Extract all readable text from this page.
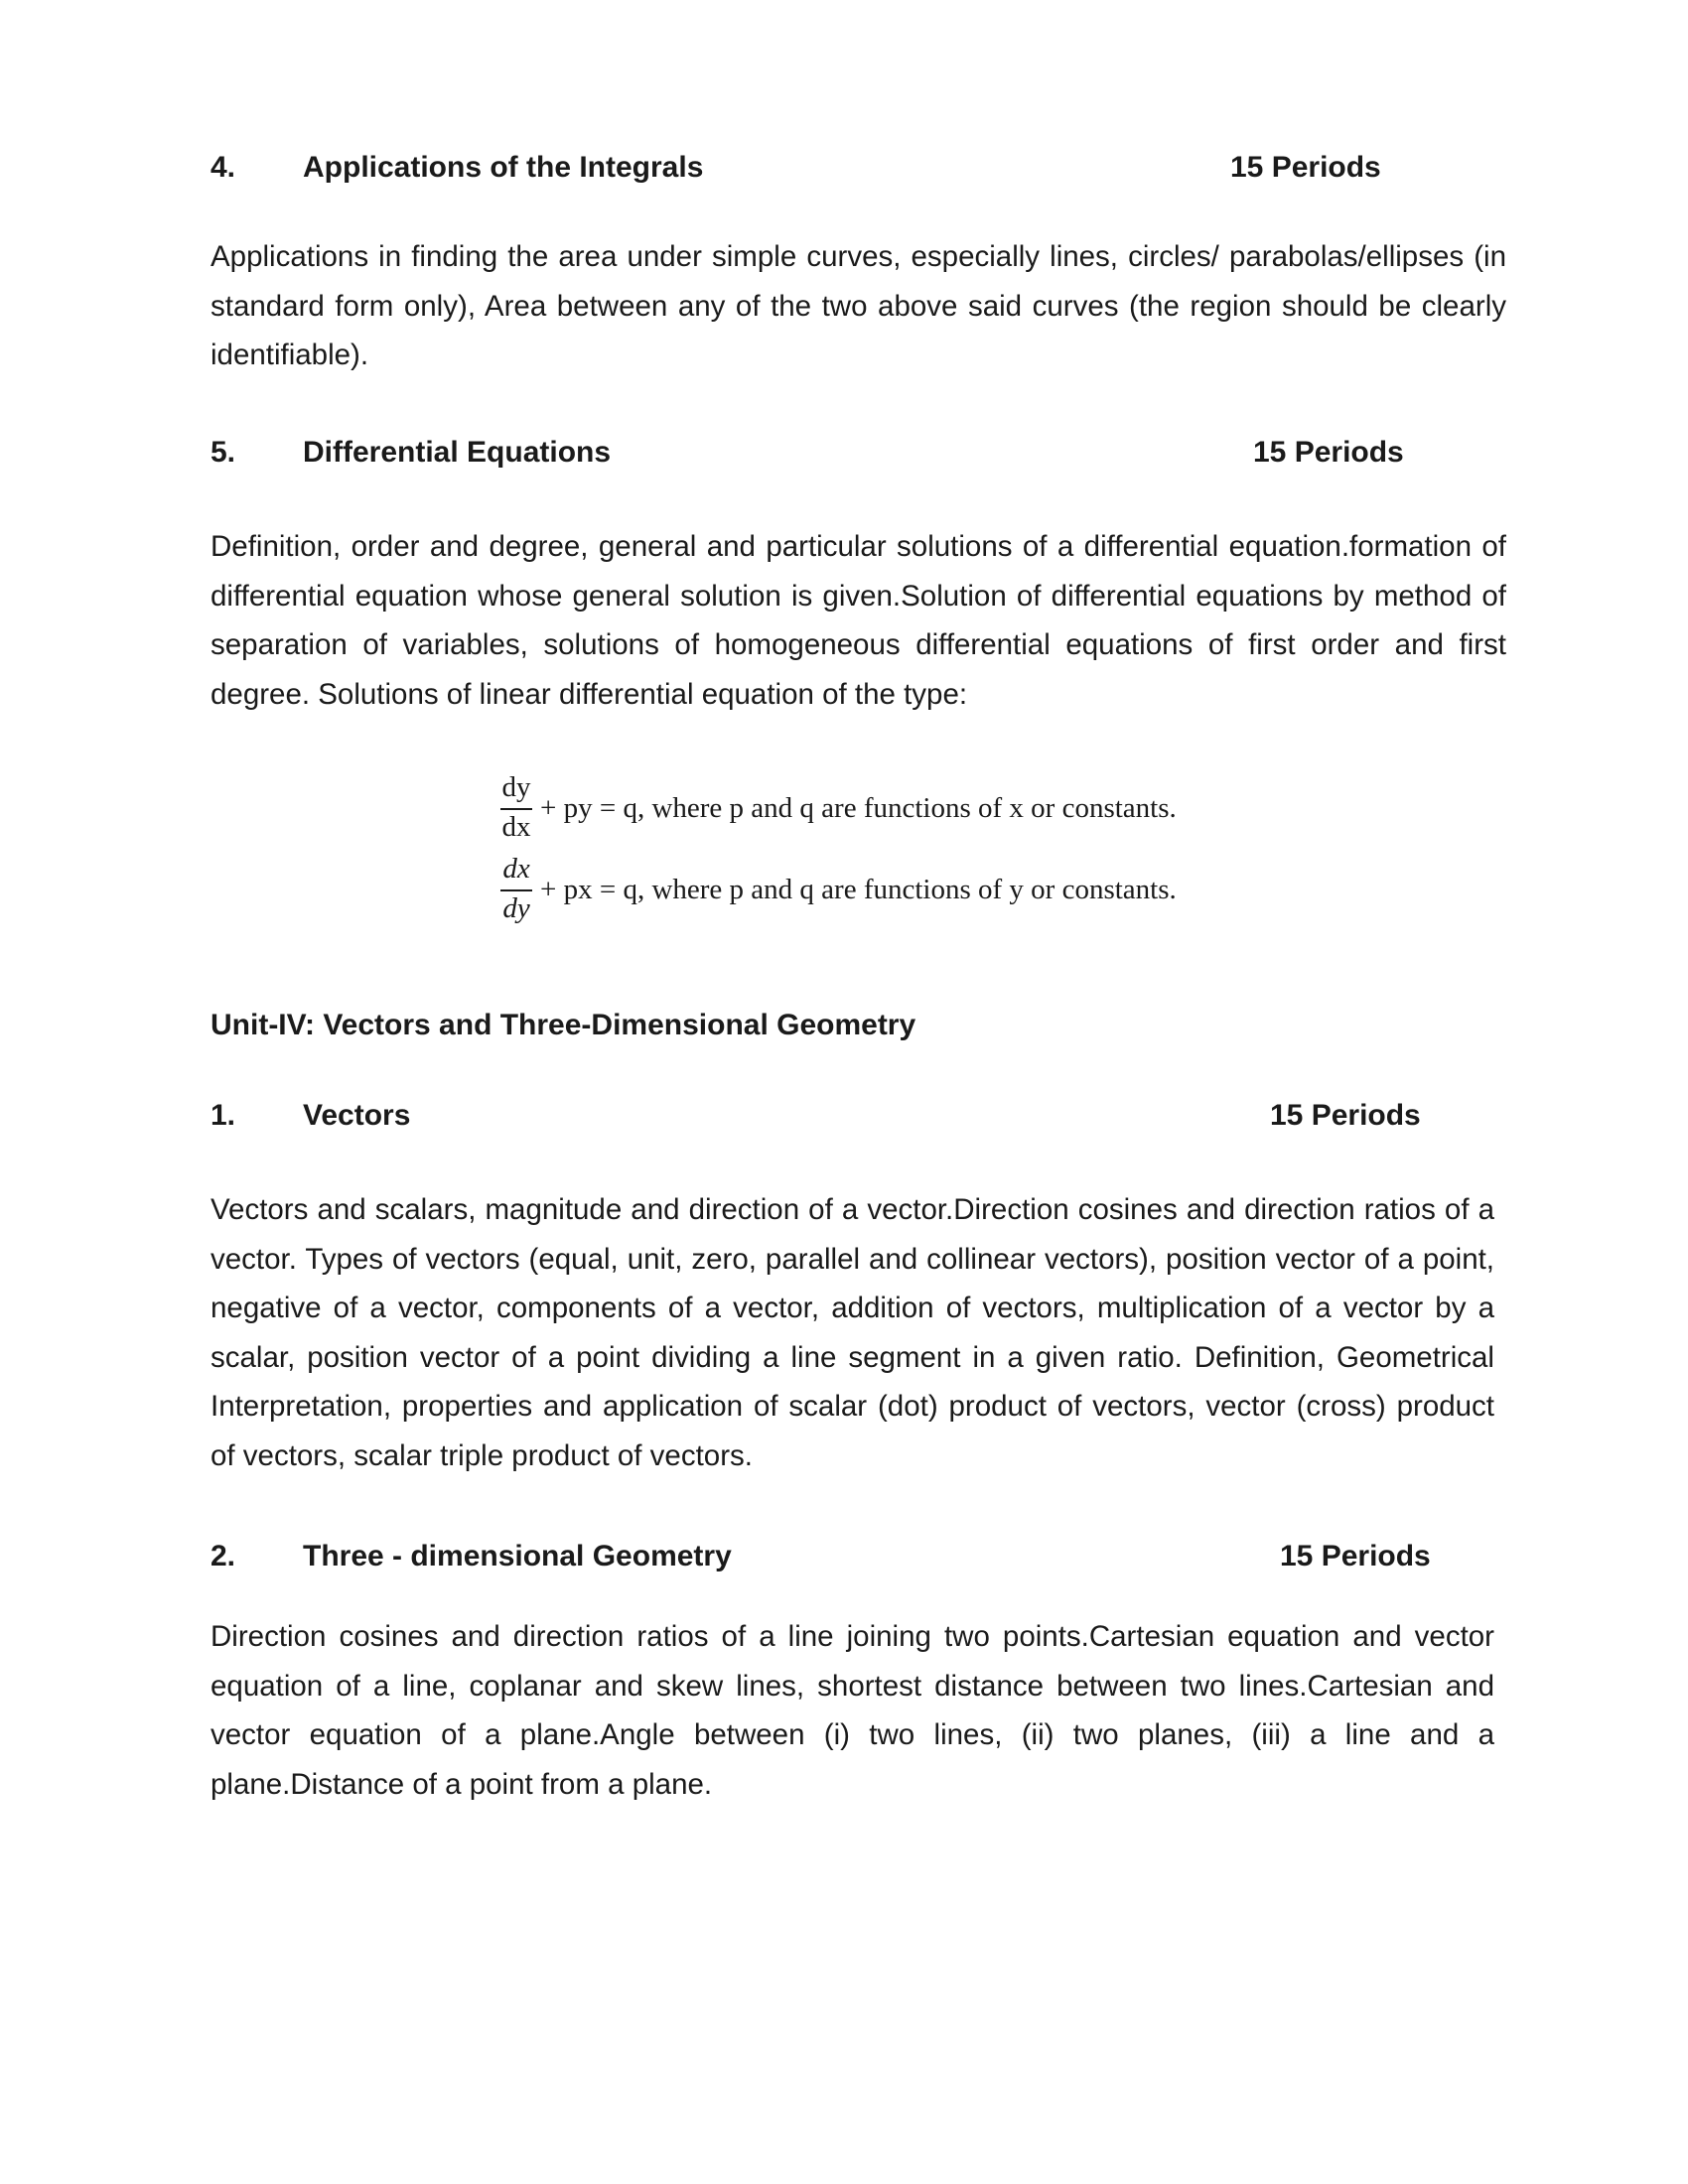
4. Applications of the Integrals	15 Periods

Applications in finding the area under simple curves, especially lines, circles/ parabolas/ellipses (in standard form only), Area between any of the two above said curves (the region should be clearly identifiable).

5. Differential Equations	15 Periods

Definition, order and degree, general and particular solutions of a differential equation.formation of differential equation whose general solution is given.Solution of differential equations by method of separation of variables, solutions of homogeneous differential equations of first order and first degree. Solutions of linear differential equation of the type:

dy
dx
+ py = q, where p and q are functions of x or constants.
dx
dy
+ px = q, where p and q are functions of y or constants.
Unit-IV: Vectors and Three-Dimensional Geometry
1. Vectors	15 Periods

Vectors and scalars, magnitude and direction of a vector.Direction cosines and direction ratios of a vector. Types of vectors (equal, unit, zero, parallel and collinear vectors), position vector of a point, negative of a vector, components of a vector, addition of vectors, multiplication of a vector by a scalar, position vector of a point dividing a line segment in a given ratio. Definition, Geometrical Interpretation, properties and application of scalar (dot) product of vectors, vector (cross) product of vectors, scalar triple product of vectors.

2. Three - dimensional Geometry	15 Periods

Direction cosines and direction ratios of a line joining two points.Cartesian equation and vector equation of a line, coplanar and skew lines, shortest distance between two lines.Cartesian and vector equation of a plane.Angle between (i) two lines, (ii) two planes, (iii) a line and a plane.Distance of a point from a plane.
